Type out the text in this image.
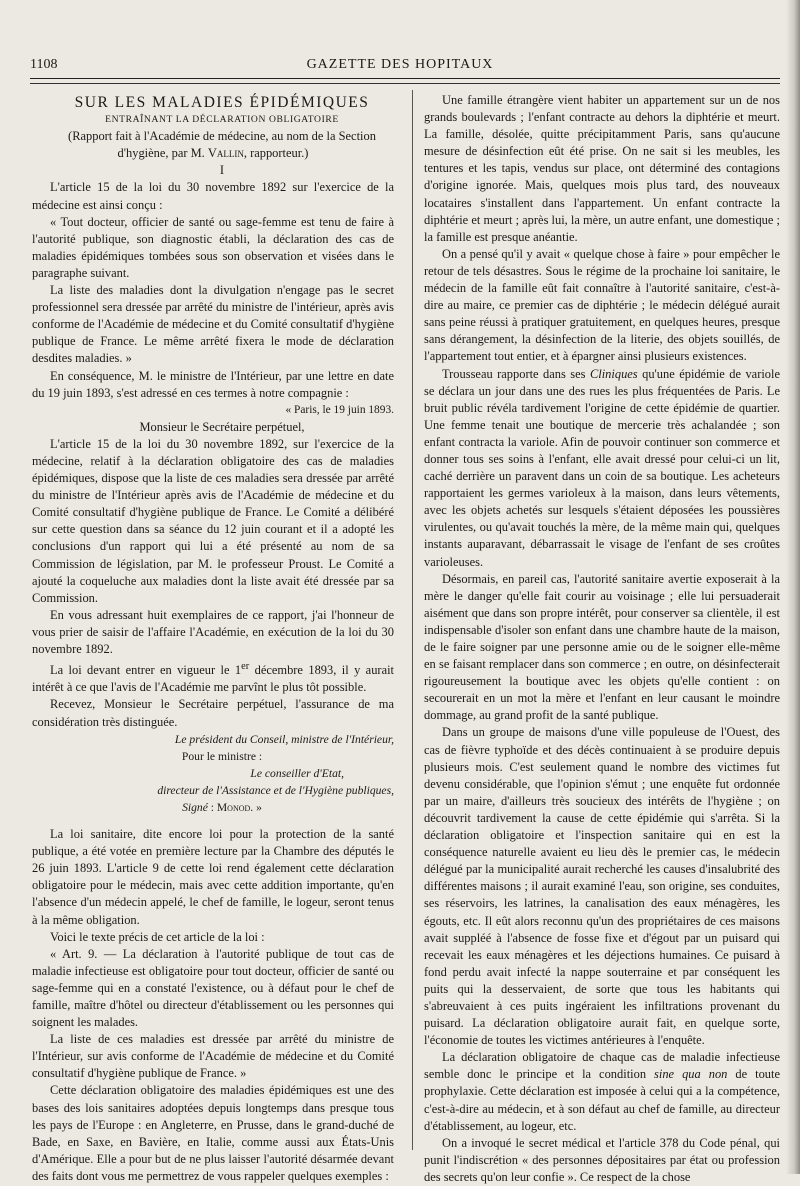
1108	GAZETTE DES HOPITAUX

SUR LES MALADIES ÉPIDÉMIQUES

ENTRAÎNANT LA DÉCLARATION OBLIGATOIRE

(Rapport fait à l'Académie de médecine, au nom de la Section
d'hygiène, par M. Vallin, rapporteur.)

I

L'article 15 de la loi du 30 novembre 1892 sur l'exercice de la médecine est ainsi conçu :

« Tout docteur, officier de santé ou sage-femme est tenu de faire à l'autorité publique, son diagnostic établi, la déclaration des cas de maladies épidémiques tombées sous son observation et visées dans le paragraphe suivant.

La liste des maladies dont la divulgation n'engage pas le secret professionnel sera dressée par arrêté du ministre de l'intérieur, après avis conforme de l'Académie de médecine et du Comité consultatif d'hygiène publique de France. Le même arrêté fixera le mode de déclaration desdites maladies. »

En conséquence, M. le ministre de l'Intérieur, par une lettre en date du 19 juin 1893, s'est adressé en ces termes à notre compagnie :

« Paris, le 19 juin 1893.

Monsieur le Secrétaire perpétuel,

L'article 15 de la loi du 30 novembre 1892, sur l'exercice de la médecine, relatif à la déclaration obligatoire des cas de maladies épidémiques, dispose que la liste de ces maladies sera dressée par arrêté du ministre de l'Intérieur après avis de l'Académie de médecine et du Comité consultatif d'hygiène publique de France. Le Comité a délibéré sur cette question dans sa séance du 12 juin courant et il a adopté les conclusions d'un rapport qui lui a été présenté au nom de sa Commission de législation, par M. le professeur Proust. Le Comité a ajouté la coqueluche aux maladies dont la liste avait été dressée par sa Commission.

En vous adressant huit exemplaires de ce rapport, j'ai l'honneur de vous prier de saisir de l'affaire l'Académie, en exécution de la loi du 30 novembre 1892.

La loi devant entrer en vigueur le 1er décembre 1893, il y aurait intérêt à ce que l'avis de l'Académie me parvînt le plus tôt possible.

Recevez, Monsieur le Secrétaire perpétuel, l'assurance de ma considération très distinguée.

Le président du Conseil, ministre de l'Intérieur,

Pour le ministre :

Le conseiller d'Etat,

directeur de l'Assistance et de l'Hygiène publiques,

Signé : Monod. »

La loi sanitaire, dite encore loi pour la protection de la santé publique, a été votée en première lecture par la Chambre des députés le 26 juin 1893. L'article 9 de cette loi rend également cette déclaration obligatoire pour le médecin, mais avec cette addition importante, qu'en l'absence d'un médecin appelé, le chef de famille, le logeur, seront tenus à la même obligation.

Voici le texte précis de cet article de la loi :

« Art. 9. — La déclaration à l'autorité publique de tout cas de maladie infectieuse est obligatoire pour tout docteur, officier de santé ou sage-femme qui en a constaté l'existence, ou à défaut pour le chef de famille, maître d'hôtel ou directeur d'établissement ou les personnes qui soignent les malades.

La liste de ces maladies est dressée par arrêté du ministre de l'Intérieur, sur avis conforme de l'Académie de médecine et du Comité consultatif d'hygiène publique de France. »

Cette déclaration obligatoire des maladies épidémiques est une des bases des lois sanitaires adoptées depuis longtemps dans presque tous les pays de l'Europe : en Angleterre, en Prusse, dans le grand-duché de Bade, en Saxe, en Bavière, en Italie, comme aussi aux États-Unis d'Amérique. Elle a pour but de ne plus laisser l'autorité désarmée devant des faits dont vous me permettrez de vous rappeler quelques exemples :

Une famille étrangère vient habiter un appartement sur un de nos grands boulevards ; l'enfant contracte au dehors la diphtérie et meurt. La famille, désolée, quitte précipitamment Paris, sans qu'aucune mesure de désinfection eût été prise. On ne sait si les meubles, les tentures et les tapis, vendus sur place, ont déterminé des contagions d'origine ignorée. Mais, quelques mois plus tard, des nouveaux locataires s'installent dans l'appartement. Un enfant contracte la diphtérie et meurt ; après lui, la mère, un autre enfant, une domestique ; la famille est presque anéantie.

On a pensé qu'il y avait « quelque chose à faire » pour empêcher le retour de tels désastres. Sous le régime de la prochaine loi sanitaire, le médecin de la famille eût fait connaître à l'autorité sanitaire, c'est-à-dire au maire, ce premier cas de diphtérie ; le médecin délégué aurait sans peine réussi à pratiquer gratuitement, en quelques heures, presque sans dérangement, la désinfection de la literie, des objets souillés, de l'appartement tout entier, et à épargner ainsi plusieurs existences.

Trousseau rapporte dans ses Cliniques qu'une épidémie de variole se déclara un jour dans une des rues les plus fréquentées de Paris. Le bruit public révéla tardivement l'origine de cette épidémie de quartier. Une femme tenait une boutique de mercerie très achalandée ; son enfant contracta la variole. Afin de pouvoir continuer son commerce et donner tous ses soins à l'enfant, elle avait dressé pour celui-ci un lit, caché derrière un paravent dans un coin de sa boutique. Les acheteurs rapportaient les germes varioleux à la maison, dans leurs vêtements, avec les objets achetés sur lesquels s'étaient déposées les poussières virulentes, ou qu'avait touchés la mère, de la même main qui, quelques instants auparavant, débarrassait le visage de l'enfant de ses croûtes varioleuses.

Désormais, en pareil cas, l'autorité sanitaire avertie exposerait à la mère le danger qu'elle fait courir au voisinage ; elle lui persuaderait aisément que dans son propre intérêt, pour conserver sa clientèle, il est indispensable d'isoler son enfant dans une chambre haute de la maison, de le faire soigner par une personne amie ou de le soigner elle-même en se faisant remplacer dans son commerce ; en outre, on désinfecterait rigoureusement la boutique avec les objets qu'elle contient : on secourerait en un mot la mère et l'enfant en leur causant le moindre dommage, au grand profit de la santé publique.

Dans un groupe de maisons d'une ville populeuse de l'Ouest, des cas de fièvre typhoïde et des décès continuaient à se produire depuis plusieurs mois. C'est seulement quand le nombre des victimes fut devenu considérable, que l'opinion s'émut ; une enquête fut ordonnée par un maire, d'ailleurs très soucieux des intérêts de l'hygiène ; on découvrit tardivement la cause de cette épidémie qui s'arrêta. Si la déclaration obligatoire et l'inspection sanitaire qui en est la conséquence naturelle avaient eu lieu dès le premier cas, le médecin délégué par la municipalité aurait recherché les causes d'insalubrité des différentes maisons ; il aurait examiné l'eau, son origine, ses conduites, ses réservoirs, les latrines, la canalisation des eaux ménagères, les égouts, etc. Il eût alors reconnu qu'un des propriétaires de ces maisons avait suppléé à l'absence de fosse fixe et d'égout par un puisard qui recevait les eaux ménagères et les déjections humaines. Ce puisard à fond perdu avait infecté la nappe souterraine et par conséquent les puits qui la desservaient, de sorte que tous les habitants qui s'abreuvaient à ces puits ingéraient les infiltrations provenant du puisard. La déclaration obligatoire aurait fait, en quelque sorte, l'économie de toutes les victimes antérieures à l'enquête.

La déclaration obligatoire de chaque cas de maladie infectieuse semble donc le principe et la condition sine qua non de toute prophylaxie. Cette déclaration est imposée à celui qui a la compétence, c'est-à-dire au médecin, et à son défaut au chef de famille, au directeur d'établissement, au logeur, etc.

On a invoqué le secret médical et l'article 378 du Code pénal, qui punit l'indiscrétion « des personnes dépositaires par état ou profession des secrets qu'on leur confie ». Ce respect de la chose
